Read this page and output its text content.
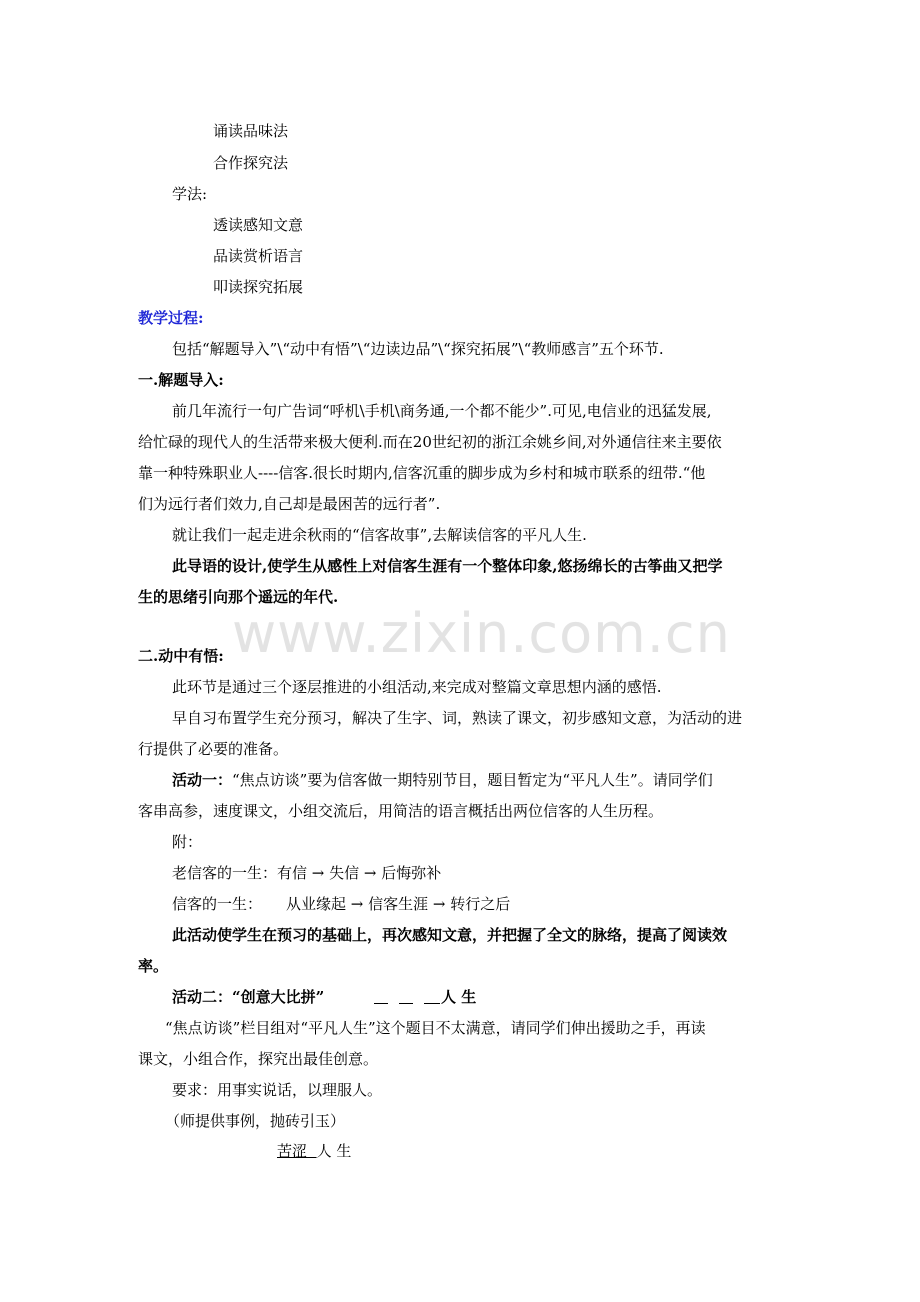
诵读品味法
合作探究法
学法:
透读感知文意
品读赏析语言
叩读探究拓展
教学过程:
包括“解题导入”\“动中有悟”\“边读边品”\“探究拓展”\“教师感言”五个环节.
一.解题导入:
前几年流行一句广告词“呼机\手机\商务通,一个都不能少”.可见,电信业的迅猛发展,
给忙碌的现代人的生活带来极大便利.而在20世纪初的浙江余姚乡间,对外通信往来主要依
靠一种特殊职业人----信客.很长时期内,信客沉重的脚步成为乡村和城市联系的纽带.“他
们为远行者们效力,自己却是最困苦的远行者”.
就让我们一起走进余秋雨的“信客故事”,去解读信客的平凡人生.
此导语的设计,使学生从感性上对信客生涯有一个整体印象,悠扬绵长的古筝曲又把学
生的思绪引向那个遥远的年代.
www.zixin.com.cn
二.动中有悟:
此环节是通过三个逐层推进的小组活动,来完成对整篇文章思想内涵的感悟.
早自习布置学生充分预习，解决了生字、词，熟读了课文，初步感知文意，为活动的进
行提供了必要的准备。
活动一：“焦点访谈”要为信客做一期特别节目，题目暂定为“平凡人生”。请同学们
客串高参，速度课文，小组交流后，用简洁的语言概括出两位信客的人生历程。
附：
老信客的一生：有信 → 失信 → 后悔弥补
信客的一生： 从业缘起 → 信客生涯 → 转行之后
此活动使学生在预习的基础上，再次感知文意，并把握了全文的脉络，提高了阅读效
率。
活动二：“创意大比拼”	人 生
“焦点访谈”栏目组对“平凡人生”这个题目不太满意，请同学们伸出援助之手，再读
课文，小组合作，探究出最佳创意。
要求：用事实说话，以理服人。
（师提供事例，抛砖引玉）
苦涩 人 生
